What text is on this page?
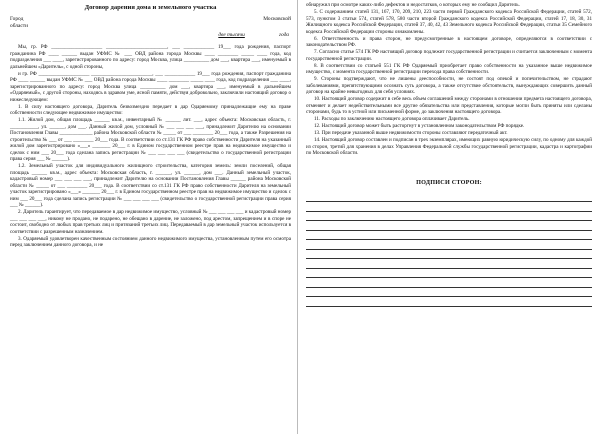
Договор дарения дома и земельного участка
Город	Московской
области
две тысячи	года

Мы, гр. РФ ____________________ ________________________, ___ ____________ 19___ года рождения, паспорт гражданина РФ ____ ______ выдан УФМС № ___ ОВД района города Москвы ____ ________ _____ ____ года, код подразделения ___ ____, зарегистрированного по адресу: город Москва, улица __________ дом ___, квартира ___, именуемый в дальнейшем «Даритель», с одной стороны,

и гр. РФ ____________________ ________________________, ___ ____________ 19___ года рождения, паспорт гражданина РФ ____ ______ выдан УФМС № ___ ОВД района города Москвы ____ ________ _____ ____ года, код подразделения ___ ____, зарегистрированного по адресу: город Москва улица __________ дом ___, квартира ___, именуемый в дальнейшем «Одаряемый», с другой стороны, находясь в здравом уме, ясной памяти, действуя добровольно, заключили настоящий договор о нижеследующем:

1. В силу настоящего договора, Даритель безвозмездно передает в дар Одаряемому принадлежащие ему на праве собственности следующее недвижимое имущество:

1.1. Жилой дом, общая площадь ______ кв.м., инвентарный № ______ лит. ___, адрес объекта: Московская область, г. ___________, ул. ______, дом ___. Данный жилой дом, условный № ___ ___ ___ ___, принадлежит Дарителю на основании Постановления Главы _____________ района Московской области № _____ от ___ ________ 20___ года, а также Разрешения на строительство № ___ от ___ ________ 20___ года. В соответствии со ст.131 ГК РФ право собственности Дарителя на указанный жилой дом зарегистрировано «___» _______ 20___ г. в Едином государственном реестре прав на недвижимое имущество и сделок с ним ___ 20___ года сделана запись регистрации № ___ ___ ___ ___ (свидетельство о государственной регистрации права серия ___ № ______).

1.2. Земельный участок для индивидуального жилищного строительства, категория земель: земли поселений, общая площадь ______ кв.м., адрес объекта: Московская область, г. ______, ул. ______, дом ___. Данный земельный участок, кадастровый номер ___ ___ ___ ___, принадлежит Дарителю на основании Постановления Главы ______ района Московской области № _____ от ___ ________ 20___ года. В соответствии со ст.131 ГК РФ право собственности Дарителя на земельный участок зарегистрировано «___» _______ 20___ г. в Едином государственном реестре прав на недвижимое имущество и сделок с ним ___ 20___ года сделана запись регистрации № ___ ___ ___ ___ (свидетельство о государственной регистрации права серия ___ № ______).

2. Даритель гарантирует, что передаваемое в дар недвижимое имущество, условный № ___ ___ ___ ___ и кадастровый номер ___ ___ ___ ___, никому не продано, не подарено, не обещано в дарение, не заложено, под арестом, запрещением и в споре не состоит, свободно от любых прав третьих лиц и притязаний третьих лиц. Передаваемый в дар земельный участок используется в соответствии с разрешенным назначением.

3. Одаряемый удовлетворен качественным состоянием данного недвижимого имущества, установленным путем его осмотра перед заключением данного договора, и не

обнаружил при осмотре каких-либо дефектов и недостатков, о которых ему не сообщил Даритель.

5. С содержанием статей 131, 167, 170, 209, 210, 223 части первой Гражданского кодекса Российской Федерации, статей 572, 573, пунктом 3 статьи 574, статей 578, 580 части второй Гражданского кодекса Российской Федерации, статей 17, 18, 30, 31 Жилищного кодекса Российской Федерации, статей 37, 40, 42, 43 Земельного кодекса Российской Федерации, статьи 35 Семейного кодекса Российской Федерации стороны ознакомлены.

6. Ответственность и права сторон, не предусмотренные в настоящем договоре, определяются в соответствии с законодательством РФ.

7. Согласно статье 574 ГК РФ настоящий договор подлежит государственной регистрации и считается заключенным с момента государственной регистрации.

8. В соответствии со статьей 551 ГК РФ Одаряемый приобретает право собственности на указанное выше недвижимое имущество, с момента государственной регистрации перехода права собственности.

9. Стороны подтверждают, что не лишены дееспособности, не состоят под опекой и попечительством, не страдают заболеваниями, препятствующими осознать суть договора, а также отсутствие обстоятельств, вынуждающих совершить данный договор на крайне невыгодных для себя условиях.

10. Настоящий договор содержит в себе весь объем соглашений между сторонами в отношении предмета настоящего договора, отменяет и делает недействительными все другие обязательства или представления, которые могли быть приняты или сделаны сторонами, будь то в устной или письменной форме, до заключения настоящего договора.

11. Расходы по заключению настоящего договора оплачивает Даритель.

12. Настоящий договор может быть расторгнут в установленном законодательством РФ порядке.

13. При передаче указанной выше недвижимости стороны составляют передаточный акт.

14. Настоящий договор составлен и подписан в трех экземплярах, имеющих равную юридическую силу, по одному для каждой из сторон, третий для хранения в делах Управления Федеральной службы государственной регистрации, кадастра и картографии по Московской области.

ПОДПИСИ СТОРОН:
